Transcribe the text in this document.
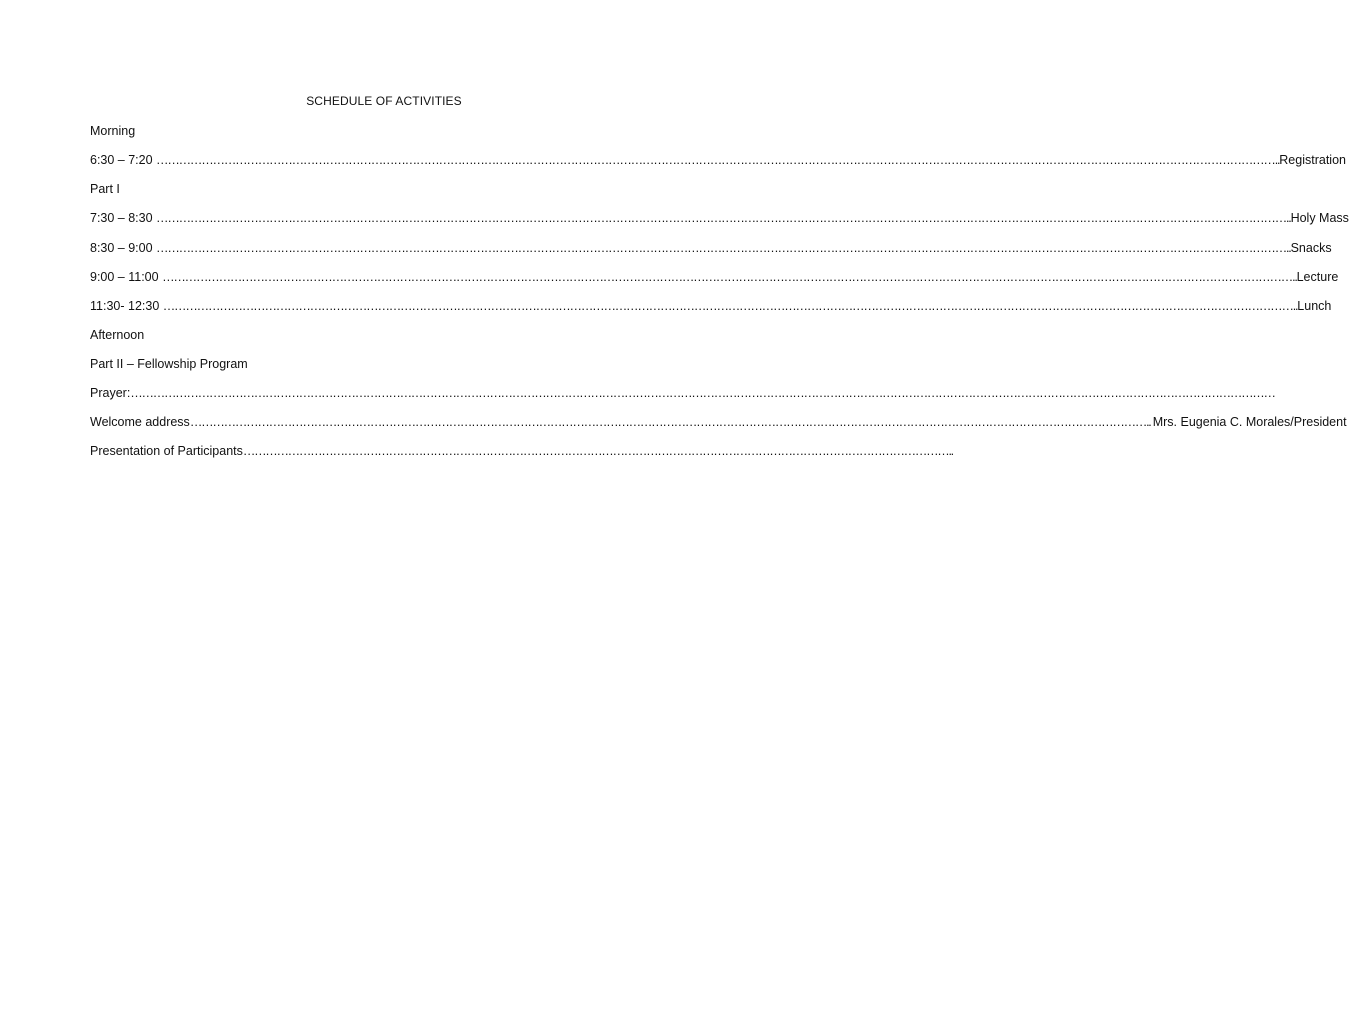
SCHEDULE OF ACTIVITIES
Morning
6:30 – 7:20 ………………………………………………………………………………………………………………………………………………………………………………………………………………………………………………………………………..Registration
Part I
7:30 – 8:30 …………………………………………………………………………………………………………………………………………………………………………………………………………………………………………………………………………..Holy Mass
8:30 – 9:00 …………………………………………………………………………………………………………………………………………………………………………………………………………………………………………………………………………..Snacks
9:00 – 11:00 …………………………………………………………………………………………………………………………………………………………………………………………………………………………………………………………………………..Lecture
11:30- 12:30 …………………………………………………………………………………………………………………………………………………………………………………………………………………………………………………………………………..Lunch
Afternoon
Part II – Fellowship Program
Prayer:………………………………………………………………………………………………………………………………………………………………………………………………………………………………………………………………………………
Welcome address………………………………………………………………………………………………………………………………………………………………………………………………………………………………….. Mrs. Eugenia C. Morales/President
Presentation of Participants………………………………………………………………………………………………………………………………………………………………………..
